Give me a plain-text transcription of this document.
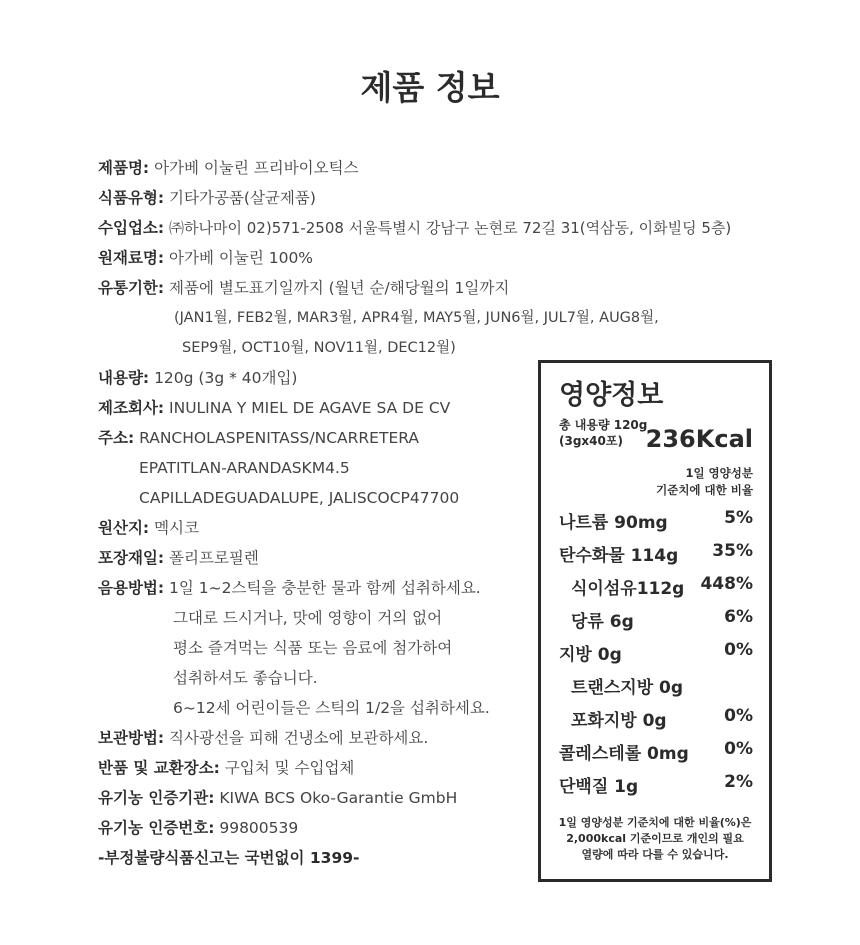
제품 정보
제품명: 아가베 이눌린 프리바이오틱스
식품유형: 기타가공품(살균제품)
수입업소: ㈜하나마이 02)571-2508 서울특별시 강남구 논현로 72길 31(역삼동, 이화빌딩 5층)
원재료명: 아가베 이눌린 100%
유통기한: 제품에 별도표기일까지 (월년 순/해당월의 1일까지
(JAN1월, FEB2월, MAR3월, APR4월, MAY5월, JUN6월, JUL7월, AUG8월,
SEP9월, OCT10월, NOV11월, DEC12월)
내용량: 120g (3g * 40개입)
제조회사: INULINA Y MIEL DE AGAVE SA DE CV
주소: RANCHOLASPENITASS/NCARRETERA
EPATITLAN-ARANDASKM4.5
CAPILLADEGUADALUPE, JALISCOCP47700
원산지: 멕시코
포장재일: 폴리프로필렌
음용방법: 1일 1~2스틱을 충분한 물과 함께 섭취하세요.
그대로 드시거나, 맛에 영향이 거의 없어
평소 즐겨먹는 식품 또는 음료에 첨가하여
섭취하셔도 좋습니다.
6~12세 어린이들은 스틱의 1/2을 섭취하세요.
보관방법: 직사광선을 피해 건냉소에 보관하세요.
반품 및 교환장소: 구입처 및 수입업체
유기농 인증기관: KIWA BCS Oko-Garantie GmbH
유기농 인증번호: 99800539
-부정불량식품신고는 국번없이 1399-
영양정보
총 내용량 120g
(3gx40포) 236Kcal
1일 영양성분
기준치에 대한 비율
나트륨 90mg	5%
탄수화물 114g 35%
식이섬유112g 448%
당류 6g	6%
지방 0g	0%
트랜스지방 0g
포화지방 0g	0%
콜레스테롤 0mg 0%
단백질 1g	2%
1일 영양성분 기준치에 대한 비율(%)은
2,000kcal 기준이므로 개인의 필요
열량에 따라 다를 수 있습니다.
